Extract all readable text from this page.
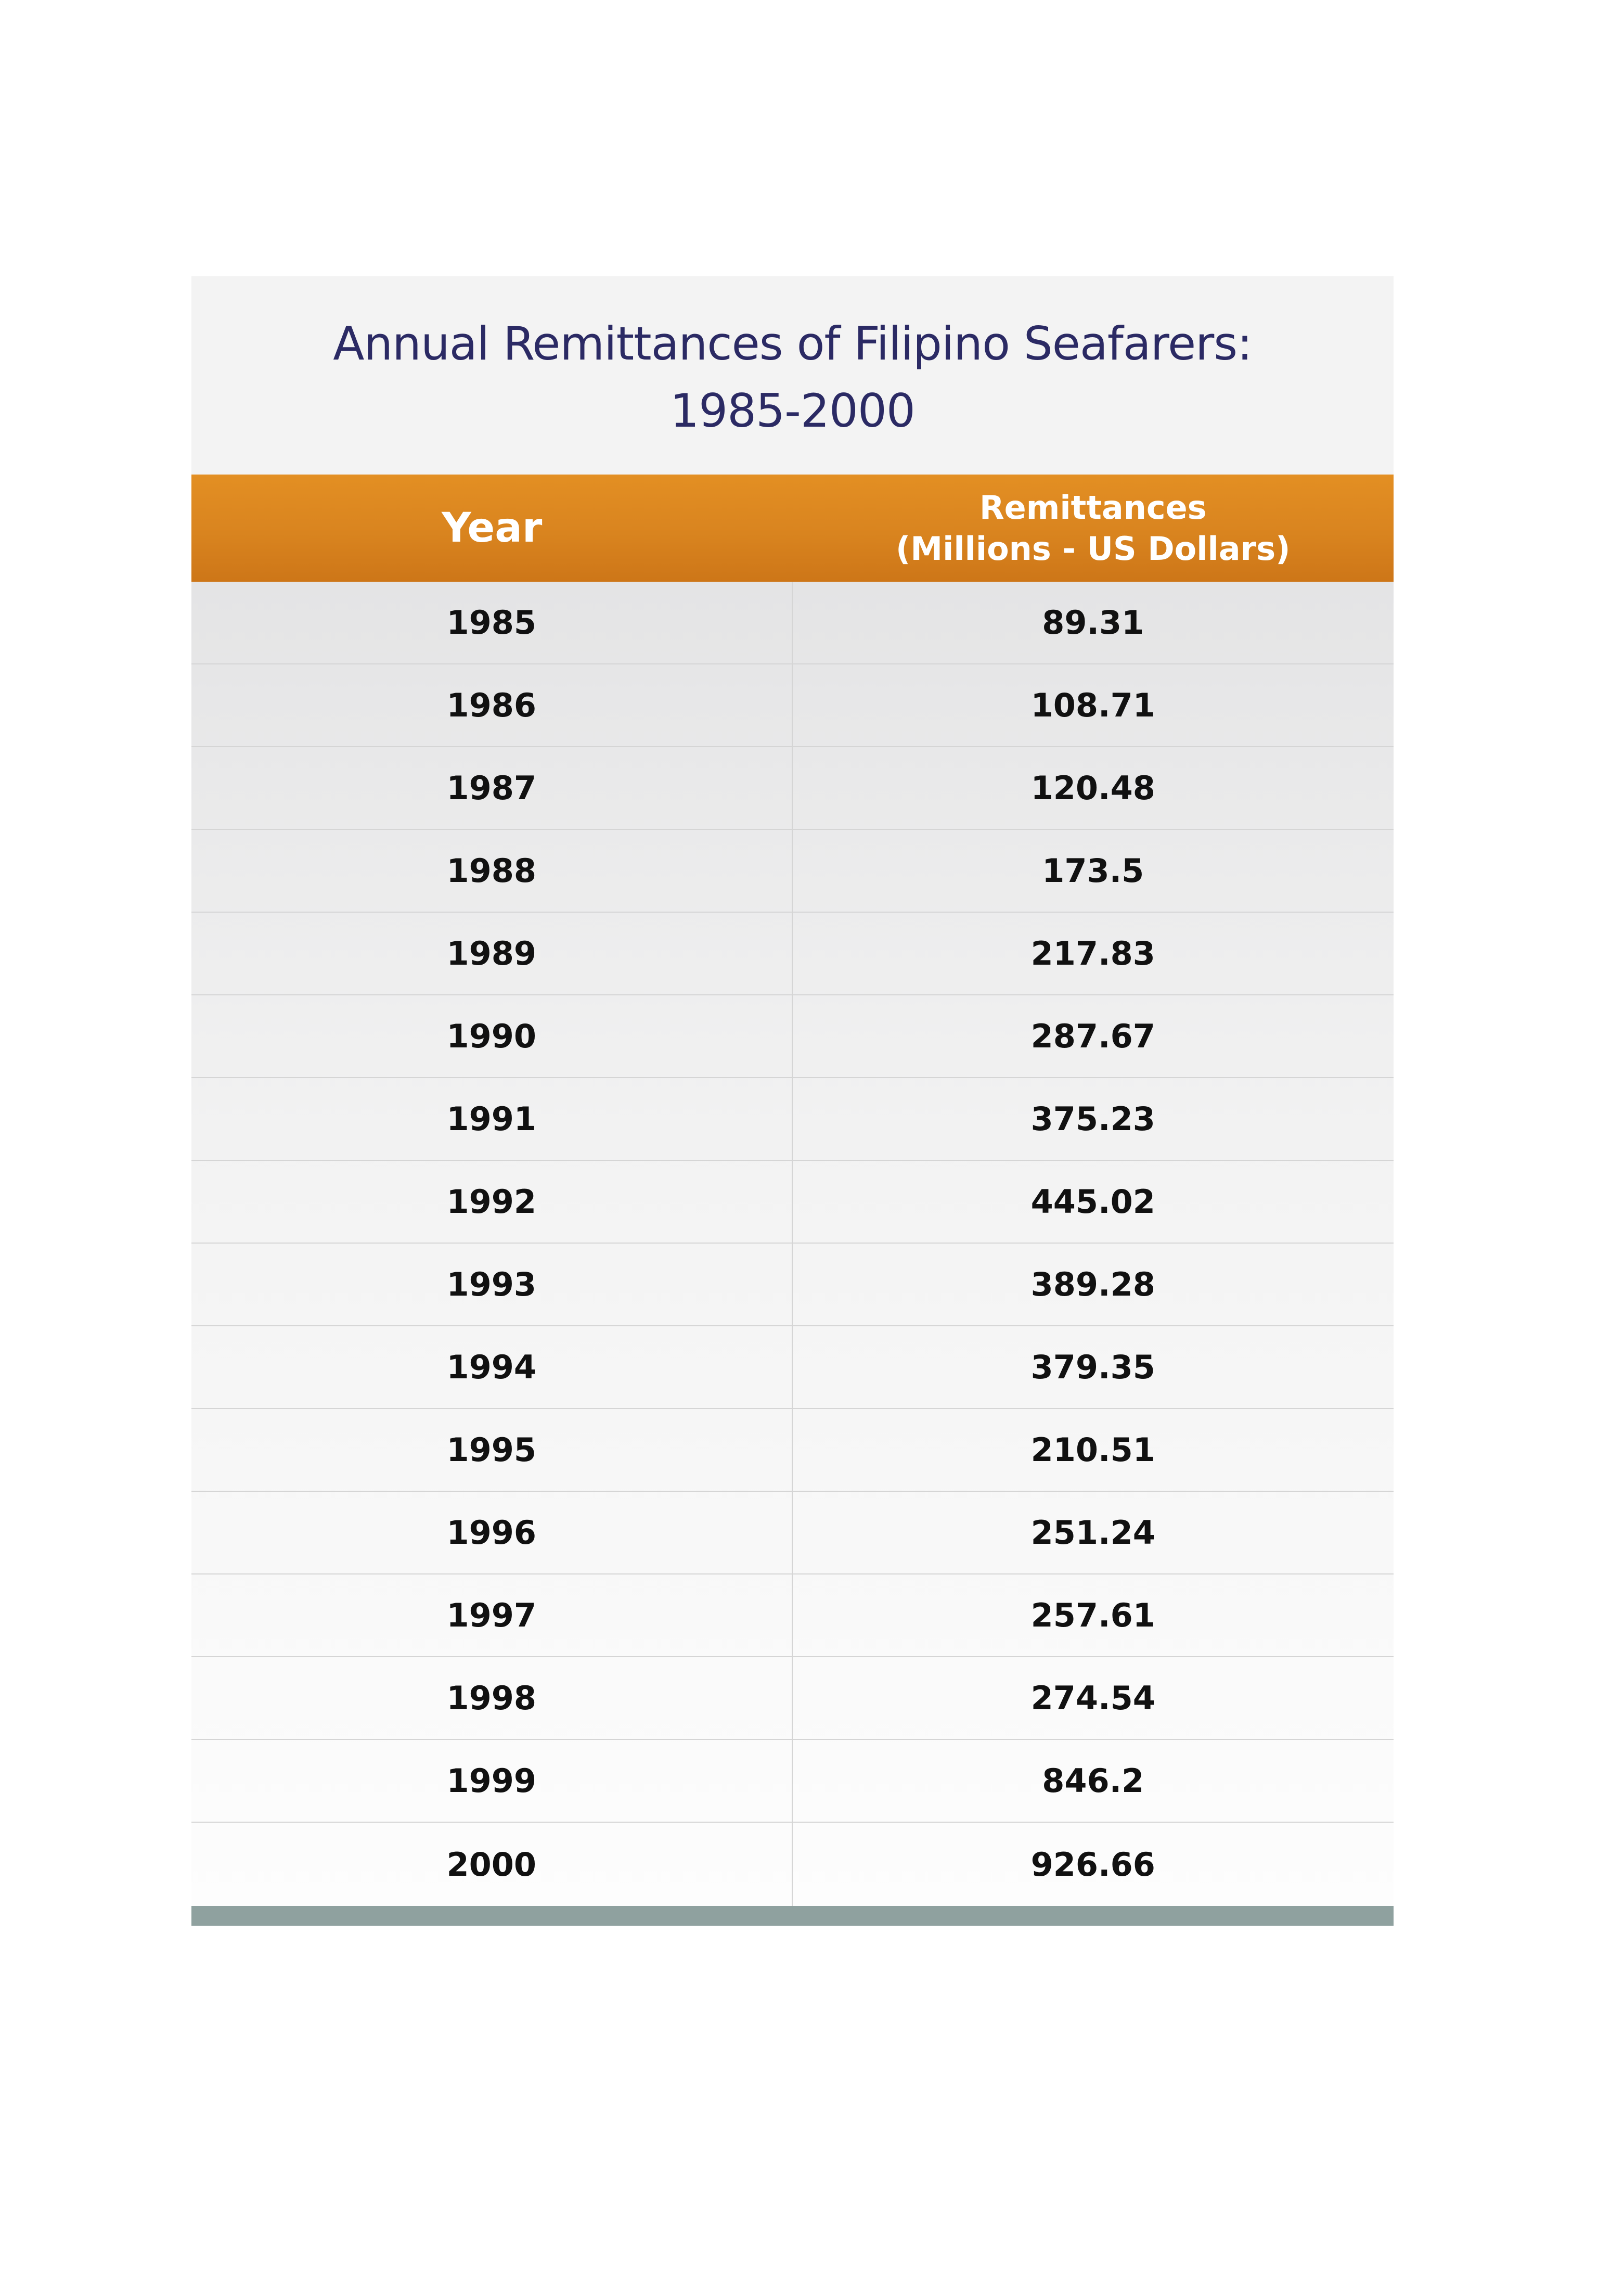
Annual Remittances of Filipino Seafarers:
1985-2000
Year	Remittances
(Millions - US Dollars)
1985	89.31
1986	108.71
1987	120.48
1988	173.5
1989	217.83
1990	287.67
1991	375.23
1992	445.02
1993	389.28
1994	379.35
1995	210.51
1996	251.24
1997	257.61
1998	274.54
1999	846.2
2000	926.66
